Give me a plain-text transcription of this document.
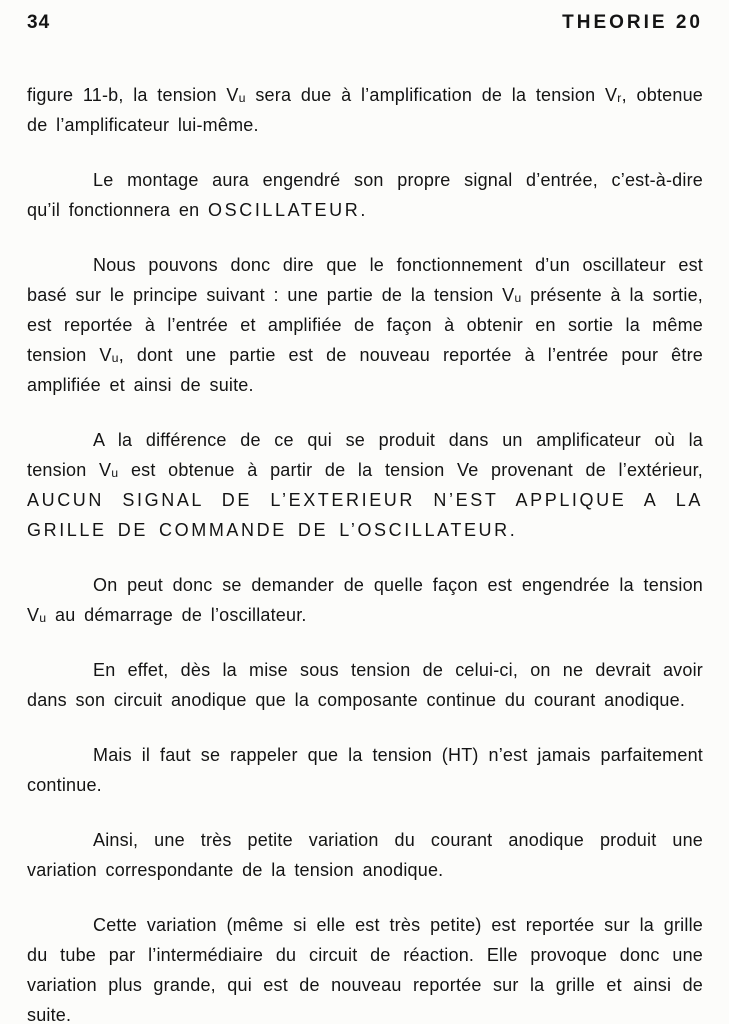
34	THEORIE 20

figure 11-b, la tension Vᵤ sera due à l’amplification de la tension Vᵣ, obtenue de l’amplificateur lui-même.

Le montage aura engendré son propre signal d’entrée, c’est-à-dire qu’il fonctionnera en OSCILLATEUR.

Nous pouvons donc dire que le fonctionnement d’un oscillateur est basé sur le principe suivant : une partie de la tension Vᵤ présente à la sortie, est reportée à l’entrée et amplifiée de façon à obtenir en sortie la même tension Vᵤ, dont une partie est de nouveau reportée à l’entrée pour être amplifiée et ainsi de suite.

A la différence de ce qui se produit dans un amplificateur où la tension Vᵤ est obtenue à partir de la tension Ve provenant de l’extérieur, AUCUN SIGNAL DE L’EXTERIEUR N’EST APPLIQUE A LA GRILLE DE COMMANDE DE L’OSCILLATEUR.

On peut donc se demander de quelle façon est engendrée la tension Vᵤ au démarrage de l’oscillateur.

En effet, dès la mise sous tension de celui-ci, on ne devrait avoir dans son circuit anodique que la composante continue du courant anodique.

Mais il faut se rappeler que la tension (HT) n’est jamais parfaitement continue.

Ainsi, une très petite variation du courant anodique produit une variation correspondante de la tension anodique.

Cette variation (même si elle est très petite) est reportée sur la grille du tube par l’intermédiaire du circuit de réaction. Elle provoque donc une variation plus grande, qui est de nouveau reportée sur la grille et ainsi de suite.
